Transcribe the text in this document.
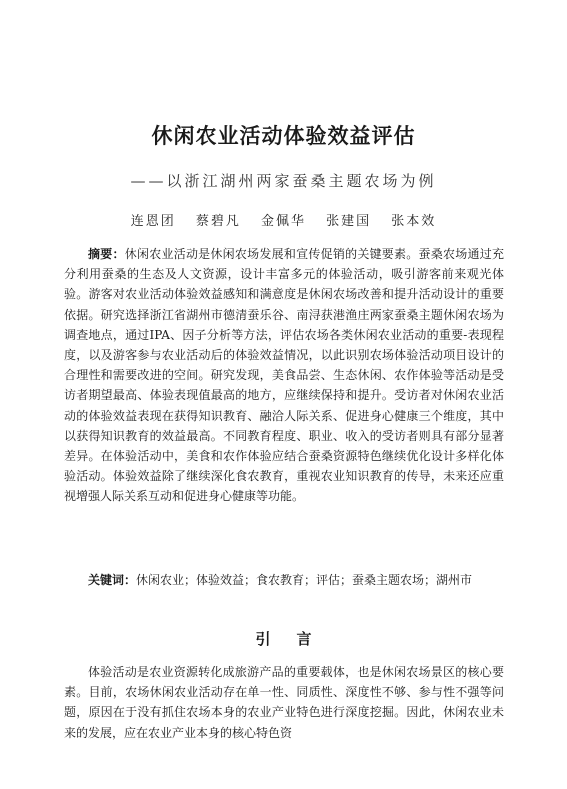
休闲农业活动体验效益评估
——以浙江湖州两家蚕桑主题农场为例
连恩团 蔡碧凡 金佩华 张建国 张本效
摘要：休闲农业活动是休闲农场发展和宣传促销的关键要素。蚕桑农场通过充分利用蚕桑的生态及人文资源，设计丰富多元的体验活动，吸引游客前来观光体验。游客对农业活动体验效益感知和满意度是休闲农场改善和提升活动设计的重要依据。研究选择浙江省湖州市德清蚕乐谷、南浔获港渔庄两家蚕桑主题休闲农场为调查地点，通过IPA、因子分析等方法，评估农场各类休闲农业活动的重要-表现程度，以及游客参与农业活动后的体验效益情况，以此识别农场体验活动项目设计的合理性和需要改进的空间。研究发现，美食品尝、生态休闲、农作体验等活动是受访者期望最高、体验表现值最高的地方，应继续保持和提升。受访者对休闲农业活动的体验效益表现在获得知识教育、融洽人际关系、促进身心健康三个维度，其中以获得知识教育的效益最高。不同教育程度、职业、收入的受访者则具有部分显著差异。在体验活动中，美食和农作体验应结合蚕桑资源特色继续优化设计多样化体验活动。体验效益除了继续深化食农教育，重视农业知识教育的传导，未来还应重视增强人际关系互动和促进身心健康等功能。
关键词：休闲农业；体验效益；食农教育；评估；蚕桑主题农场；湖州市
引言
体验活动是农业资源转化成旅游产品的重要载体，也是休闲农场景区的核心要素。目前，农场休闲农业活动存在单一性、同质性、深度性不够、参与性不强等问题，原因在于没有抓住农场本身的农业产业特色进行深度挖掘。因此，休闲农业未来的发展，应在农业产业本身的核心特色资
